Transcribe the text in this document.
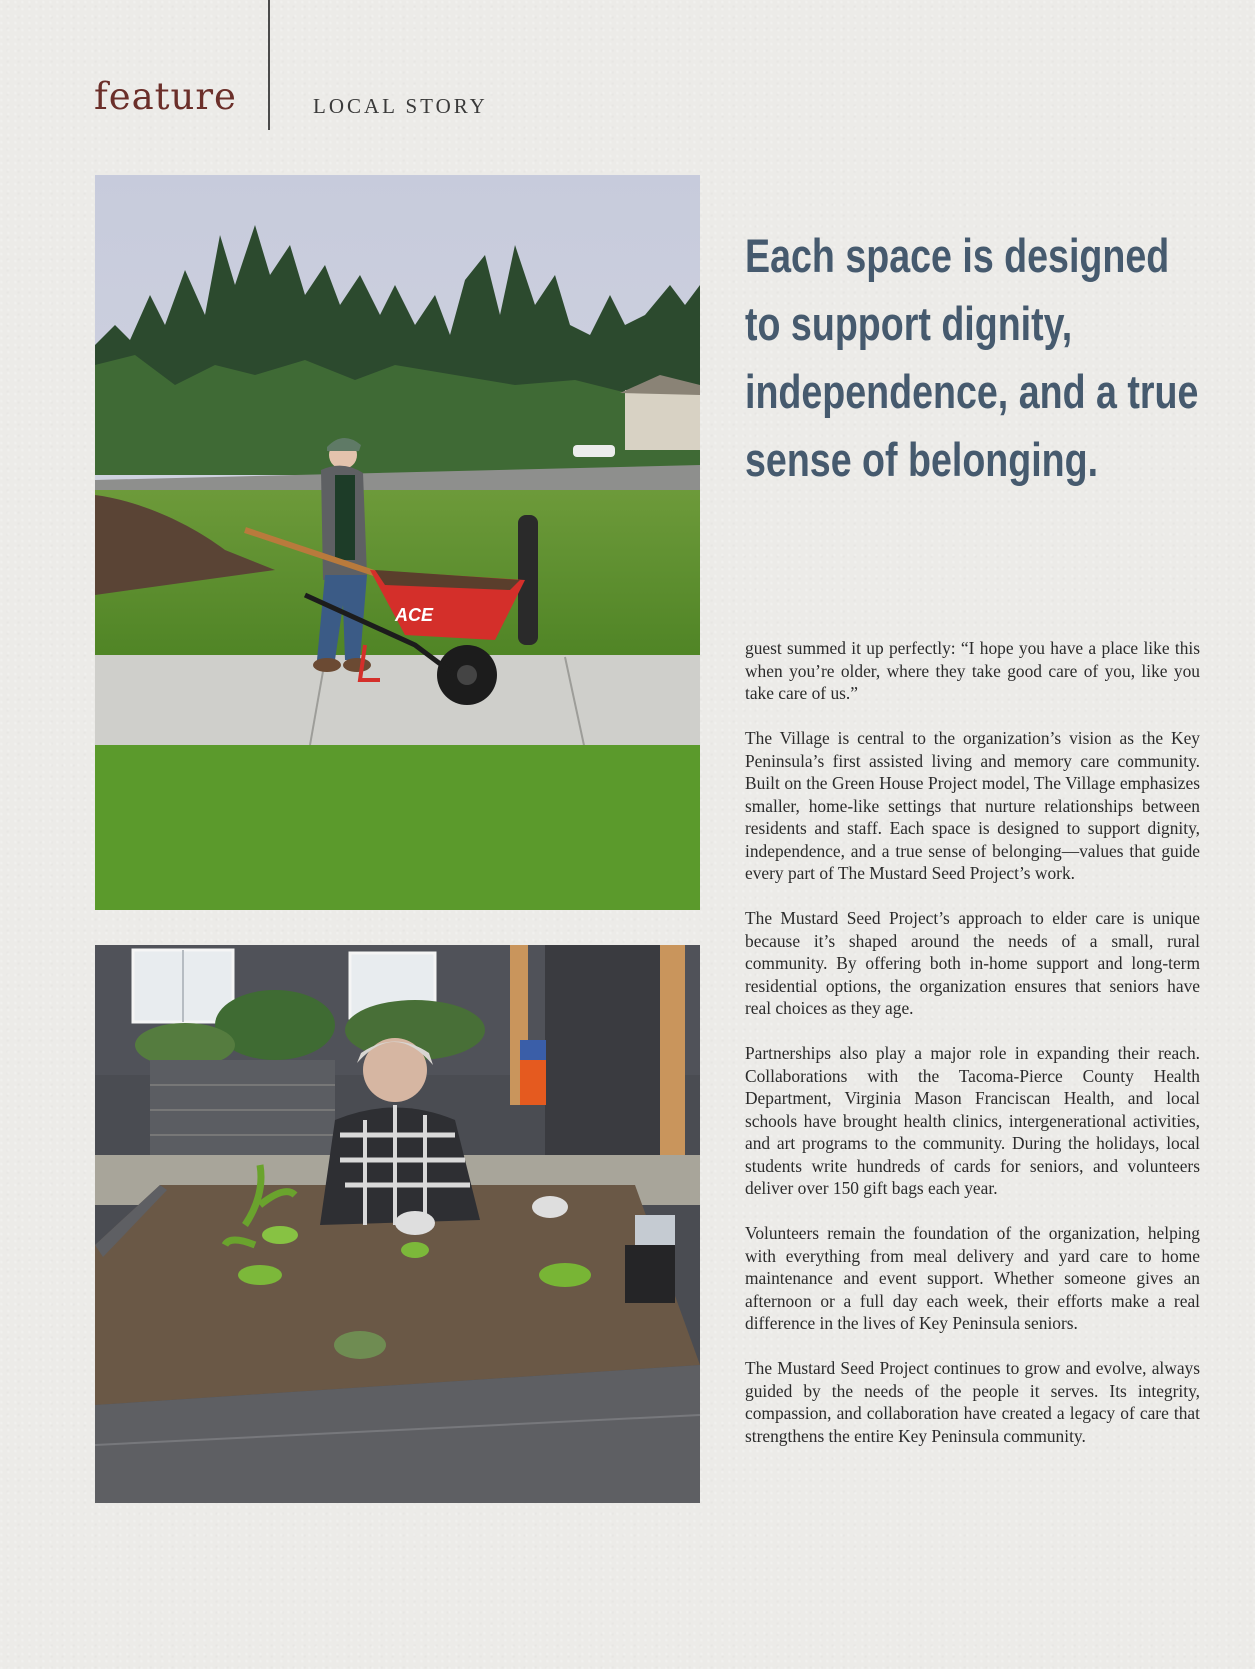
feature	LOCAL STORY
ACE
Each space is designed
to support dignity,
independence, and a true
sense of belonging.

guest summed it up perfectly: “I hope you have a place like this when you’re older, where they take good care of you, like you take care of us.”

The Village is central to the organization’s vision as the Key Peninsula’s first assisted living and memory care community. Built on the Green House Project model, The Village emphasizes smaller, home-like settings that nurture relationships between residents and staff. Each space is designed to support dignity, independence, and a true sense of belonging—values that guide every part of The Mustard Seed Project’s work.

The Mustard Seed Project’s approach to elder care is unique because it’s shaped around the needs of a small, rural community. By offering both in-home support and long-term residential options, the organization ensures that seniors have real choices as they age.

Partnerships also play a major role in expanding their reach. Collaborations with the Tacoma-Pierce County Health Department, Virginia Mason Franciscan Health, and local schools have brought health clinics, intergenerational activities, and art programs to the community. During the holidays, local students write hundreds of cards for seniors, and volunteers deliver over 150 gift bags each year.

Volunteers remain the foundation of the organization, helping with everything from meal delivery and yard care to home maintenance and event support. Whether someone gives an afternoon or a full day each week, their efforts make a real difference in the lives of Key Peninsula seniors.

The Mustard Seed Project continues to grow and evolve, always guided by the needs of the people it serves. Its integrity, compassion, and collaboration have created a legacy of care that strengthens the entire Key Peninsula community.
